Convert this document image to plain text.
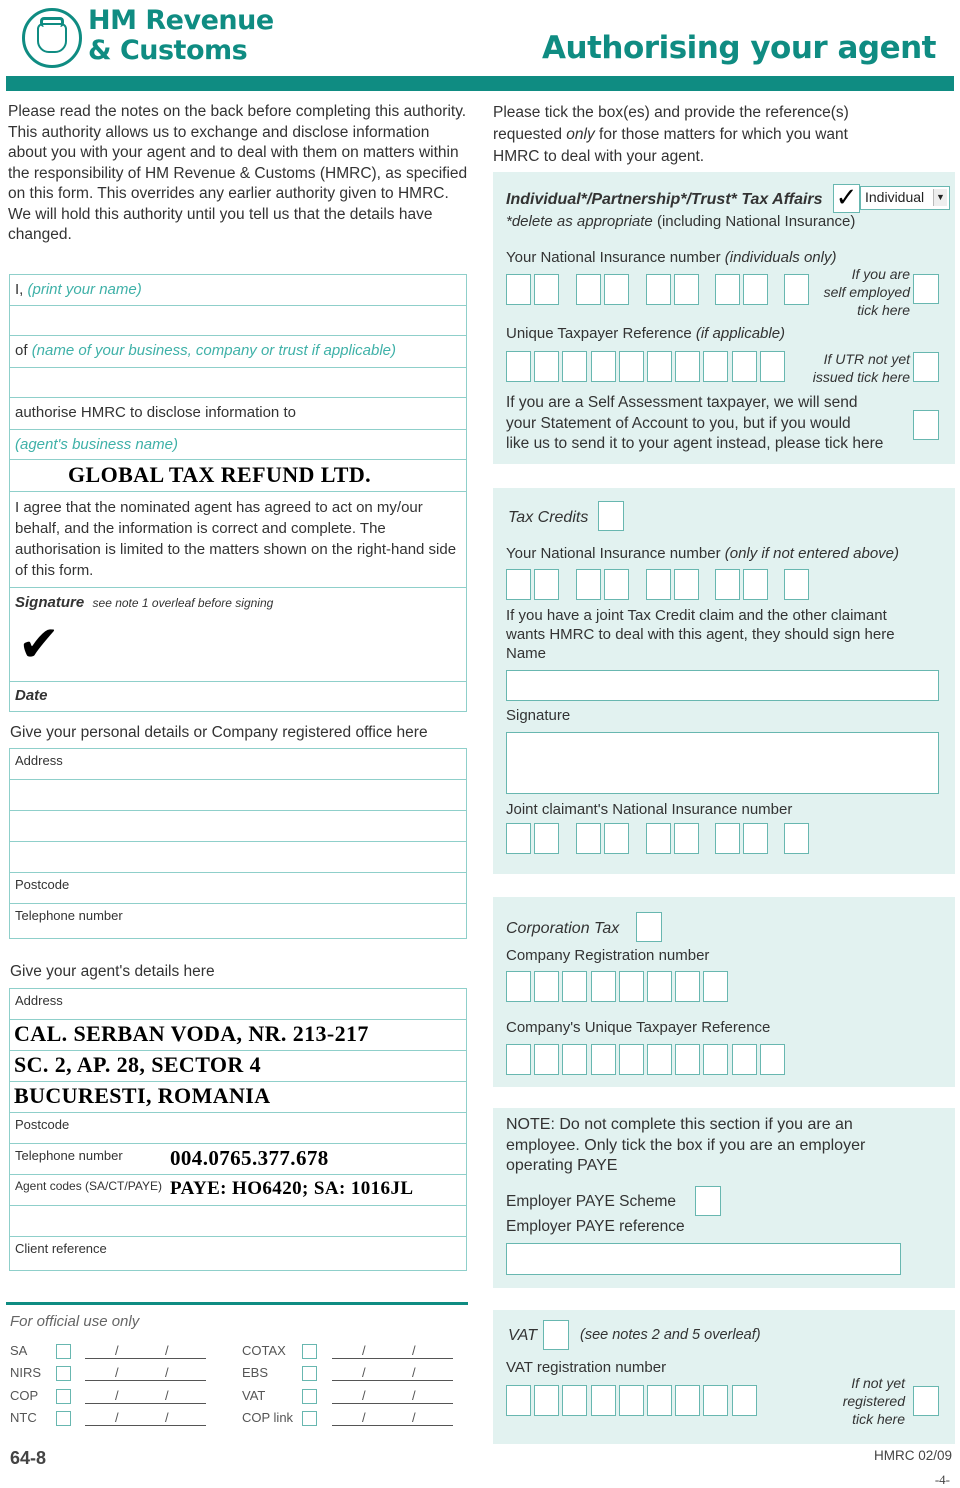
HM Revenue
& Customs	Authorising your agent
Please read the notes on the back before completing this authority. This authority allows us to exchange and disclose information about you with your agent and to deal with them on matters within the responsibility of HM Revenue & Customs (HMRC), as specified on this form. This overrides any earlier authority given to HMRC. We will hold this authority until you tell us that the details have changed.
I, (print your name)
of (name of your business, company or trust if applicable)
authorise HMRC to disclose information to
(agent's business name)
GLOBAL TAX REFUND LTD.
I agree that the nominated agent has agreed to act on my/our behalf, and the information is correct and complete. The authorisation is limited to the matters shown on the right-hand side of this form.
Signature see note 1 overleaf before signing
✔
Date
Give your personal details or Company registered office here
Address
Postcode
Telephone number
Give your agent's details here
Address
CAL. SERBAN VODA, NR. 213-217
SC. 2, AP. 28, SECTOR 4
BUCURESTI, ROMANIA
Postcode
Telephone number	004.0765.377.678
Agent codes (SA/CT/PAYE) PAYE: HO6420; SA: 1016JL
Client reference
For official use only
SA	/	/
NIRS	/	/
COP	/	/
NTC	/	/
COTAX	/	/
EBS	/	/
VAT	/	/
COP link	/	/
64-8
Please tick the box(es) and provide the reference(s)
requested only for those matters for which you want
HMRC to deal with your agent.
Individual*/Partnership*/Trust* Tax Affairs ✓ Individual	▼
*delete as appropriate (including National Insurance)
Your National Insurance number (individuals only)
If you are
self employed
tick here
Unique Taxpayer Reference (if applicable)
If UTR not yet
issued tick here
If you are a Self Assessment taxpayer, we will send
your Statement of Account to you, but if you would
like us to send it to your agent instead, please tick here
Tax Credits
Your National Insurance number (only if not entered above)
If you have a joint Tax Credit claim and the other claimant
wants HMRC to deal with this agent, they should sign here
Name
Signature
Joint claimant's National Insurance number
Corporation Tax
Company Registration number
Company's Unique Taxpayer Reference
NOTE: Do not complete this section if you are an
employee. Only tick the box if you are an employer
operating PAYE
Employer PAYE Scheme
Employer PAYE reference
VAT	(see notes 2 and 5 overleaf)
VAT registration number
If not yet
registered
tick here
HMRC 02/09
-4-
